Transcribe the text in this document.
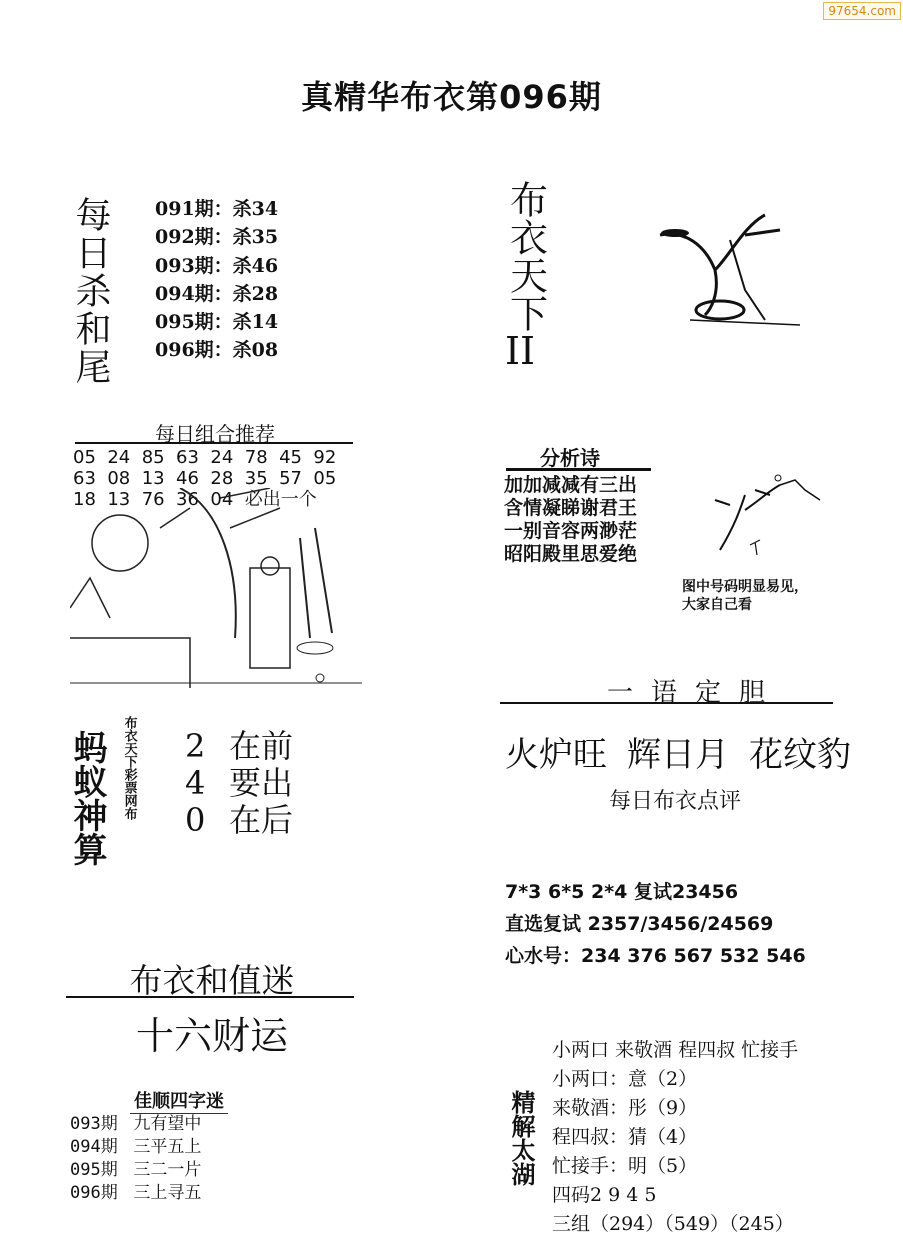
97654.com
真精华布衣第096期
每日杀和尾 091期：杀34
092期：杀35
093期：杀46
094期：杀28
095期：杀14
096期：杀08
每日组合推荐
05  24  85  63  24  78  45  92
63  08  13  46  28  35  57  05
18  13  76  36  04  必出一个
蚂蚁神算 布衣天下彩票网布 2 在前
4 要出
0 在后
布衣和值迷
十六财运
佳顺四字迷
093期 九有望中
094期 三平五上
095期 三二一片
096期 三上寻五
布衣天下
II
分析诗
加加减减有三出
含情凝睇谢君王
一别音容两渺茫
昭阳殿里思爱绝
图中号码明显易见，
大家自己看
一语定胆
火炉旺 辉日月 花纹豹
每日布衣点评
7*3 6*5 2*4 复试23456
直选复试 2357/3456/24569
心水号：234 376 567 532 546
精解太湖
小两口 来敬酒 程四叔 忙接手
小两口：意（2）
来敬酒：彤（9）
程四叔：猜（4）
忙接手：明（5）
四码2 9 4 5
三组（294）（549）（245）
